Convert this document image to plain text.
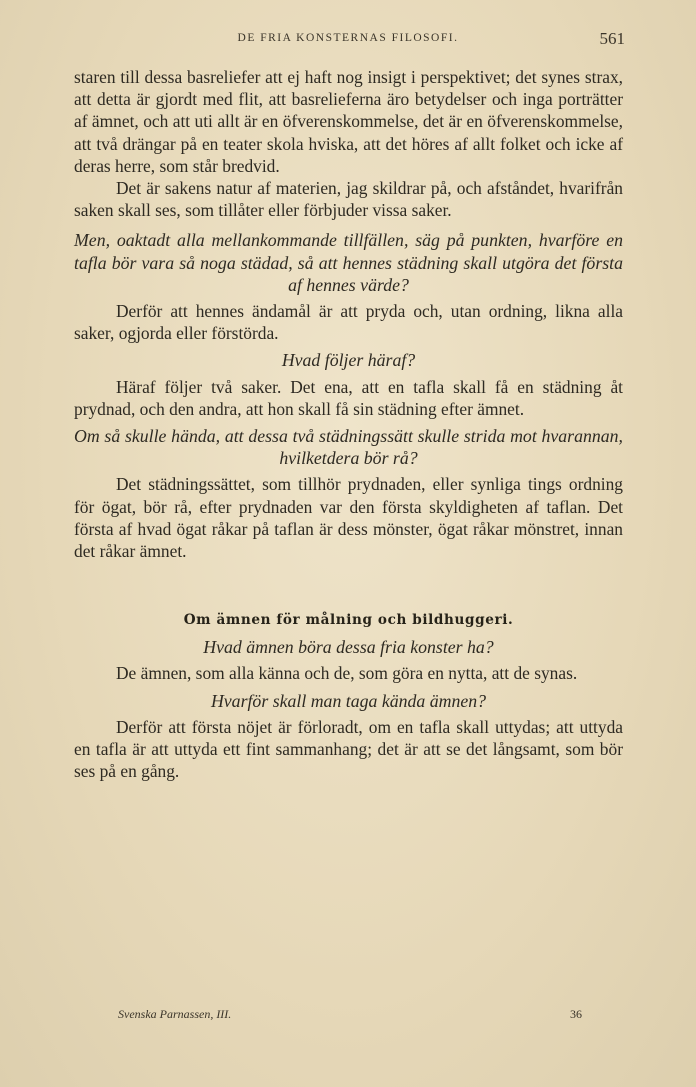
DE FRIA KONSTERNAS FILOSOFI.	561

staren till dessa basreliefer att ej haft nog insigt i perspektivet; det synes strax, att detta är gjordt med flit, att basrelieferna äro betydelser och inga porträtter af ämnet, och att uti allt är en öfverenskommelse, det är en öfverenskommelse, att två drängar på en teater skola hviska, att det höres af allt folket och icke af deras herre, som står bredvid.

Det är sakens natur af materien, jag skildrar på, och afståndet, hvarifrån saken skall ses, som tillåter eller förbjuder vissa saker.

Men, oaktadt alla mellankommande tillfällen, säg på punkten, hvarföre en tafla bör vara så noga städad, så att hennes städning skall utgöra det första af hennes värde?

Derför att hennes ändamål är att pryda och, utan ordning, likna alla saker, ogjorda eller förstörda.

Hvad följer häraf?

Häraf följer två saker. Det ena, att en tafla skall få en städning åt prydnad, och den andra, att hon skall få sin städning efter ämnet.

Om så skulle hända, att dessa två städningssätt skulle strida mot hvarannan, hvilketdera bör rå?

Det städningssättet, som tillhör prydnaden, eller synliga tings ordning för ögat, bör rå, efter prydnaden var den första skyldigheten af taflan. Det första af hvad ögat råkar på taflan är dess mönster, ögat råkar mönstret, innan det råkar ämnet.

Om ämnen för målning och bildhuggeri.

Hvad ämnen böra dessa fria konster ha?

De ämnen, som alla känna och de, som göra en nytta, att de synas.

Hvarför skall man taga kända ämnen?

Derför att första nöjet är förloradt, om en tafla skall uttydas; att uttyda en tafla är att uttyda ett fint sammanhang; det är att se det långsamt, som bör ses på en gång.

Svenska Parnassen, III.	36
